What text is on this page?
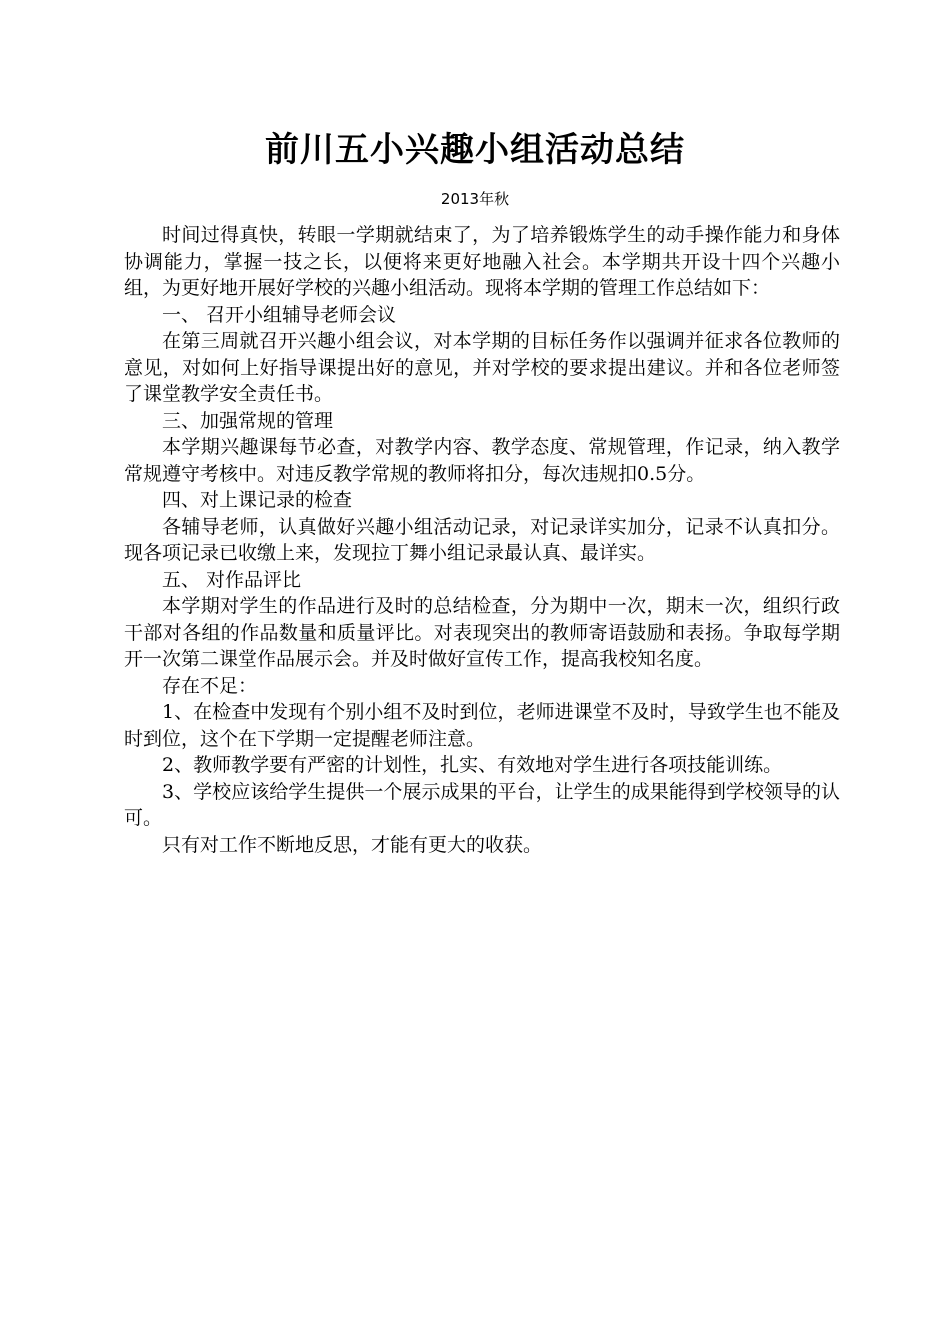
前川五小兴趣小组活动总结
2013年秋

时间过得真快，转眼一学期就结束了，为了培养锻炼学生的动手操作能力和身体协调能力，掌握一技之长，以便将来更好地融入社会。本学期共开设十四个兴趣小组，为更好地开展好学校的兴趣小组活动。现将本学期的管理工作总结如下：

一、 召开小组辅导老师会议

在第三周就召开兴趣小组会议，对本学期的目标任务作以强调并征求各位教师的意见，对如何上好指导课提出好的意见，并对学校的要求提出建议。并和各位老师签了课堂教学安全责任书。

三、加强常规的管理

本学期兴趣课每节必查，对教学内容、教学态度、常规管理，作记录，纳入教学常规遵守考核中。对违反教学常规的教师将扣分，每次违规扣0.5分。

四、对上课记录的检查

各辅导老师，认真做好兴趣小组活动记录，对记录详实加分，记录不认真扣分。现各项记录已收缴上来，发现拉丁舞小组记录最认真、最详实。

五、 对作品评比

本学期对学生的作品进行及时的总结检查，分为期中一次，期末一次，组织行政干部对各组的作品数量和质量评比。对表现突出的教师寄语鼓励和表扬。争取每学期开一次第二课堂作品展示会。并及时做好宣传工作，提高我校知名度。

存在不足：

1、在检查中发现有个别小组不及时到位，老师进课堂不及时，导致学生也不能及时到位，这个在下学期一定提醒老师注意。

2、教师教学要有严密的计划性，扎实、有效地对学生进行各项技能训练。

3、学校应该给学生提供一个展示成果的平台，让学生的成果能得到学校领导的认可。

只有对工作不断地反思，才能有更大的收获。
